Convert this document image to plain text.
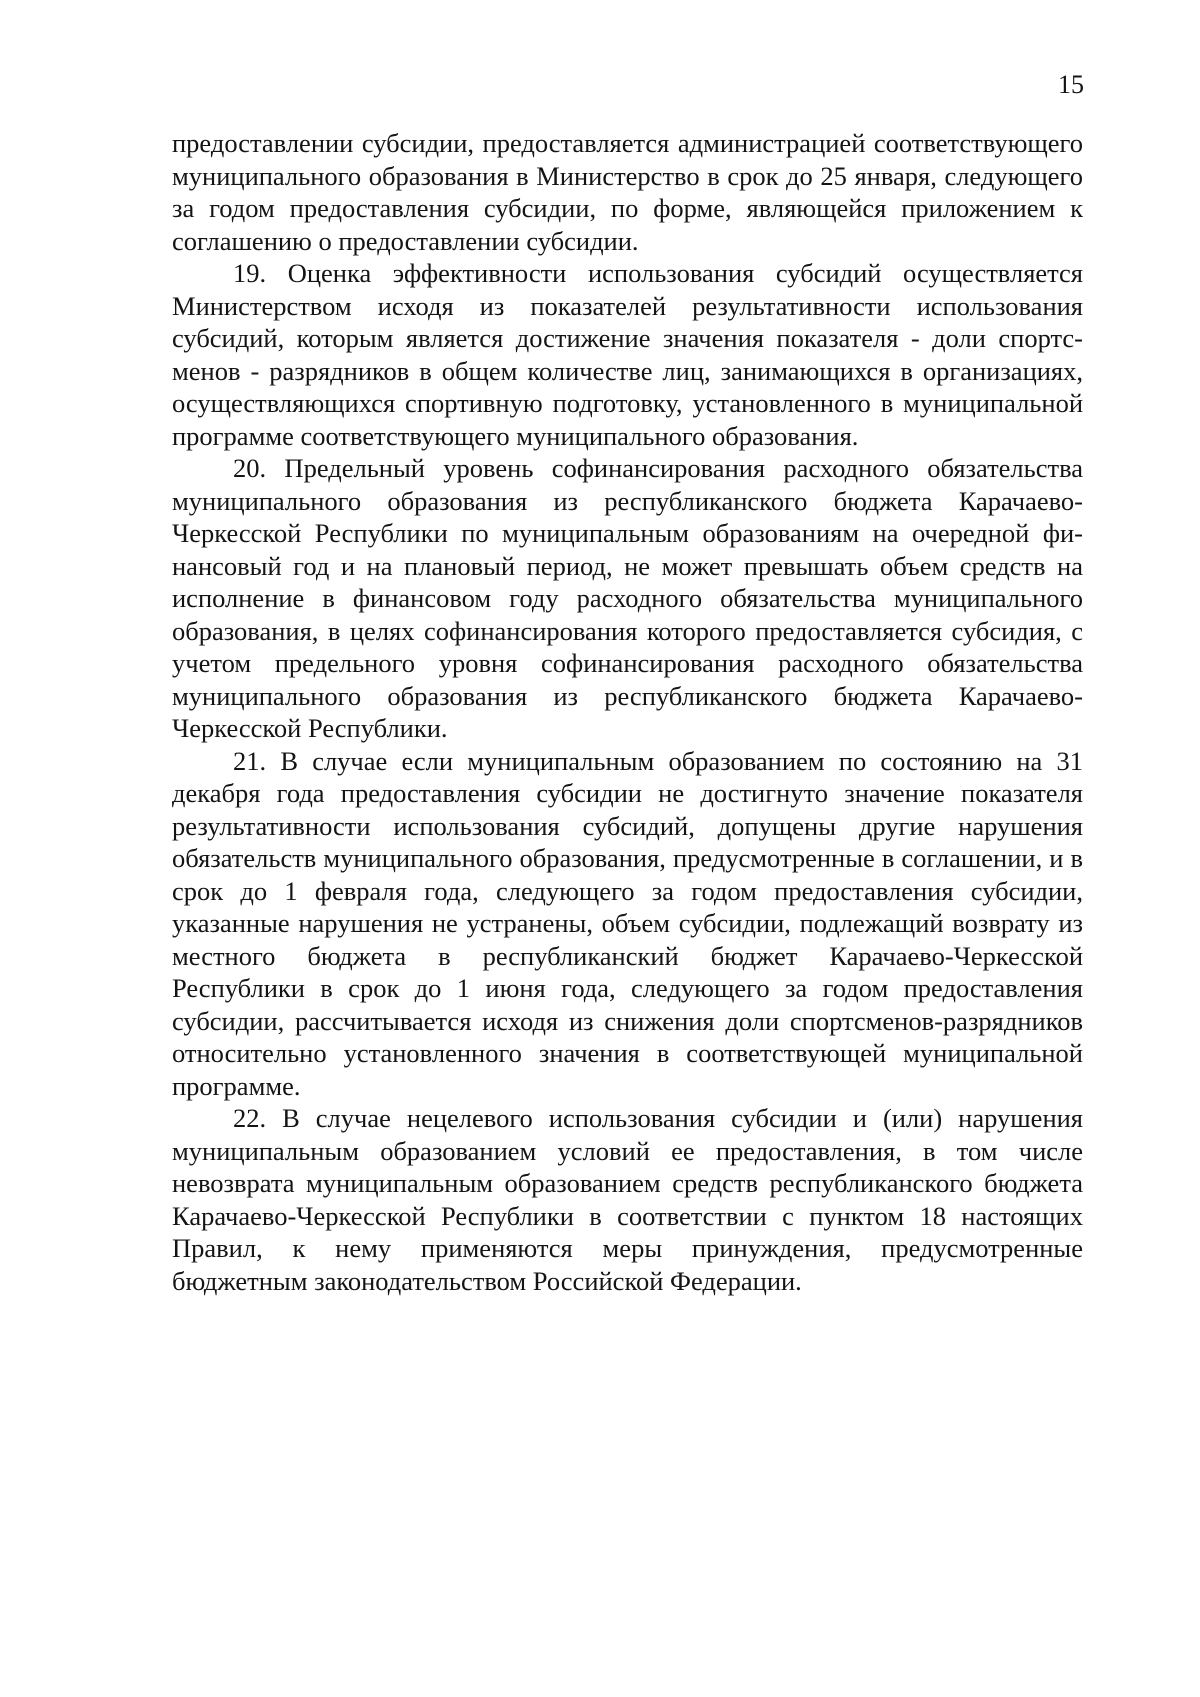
15

предоставлении субсидии, предоставляется администрацией соответствующего муниципального образования в Министерство в срок до 25 января, следующего за годом предоставления субсидии, по форме, являющейся приложением к соглашению о предоставлении субсидии.

19. Оценка эффективности использования субсидий осуществляется Министерством исходя из показателей результативности использования субсидий, которым является достижение значения показателя - доли спортсменов - разрядников в общем количестве лиц, занимающихся в организациях, осуществляющихся спортивную подготовку, установленного в муниципальной программе соответствующего муниципального образования.

20. Предельный уровень софинансирования расходного обязательства муниципального образования из республиканского бюджета Карачаево-Черкесской Республики по муниципальным образованиям на очередной финансовый год и на плановый период, не может превышать объем средств на исполнение в финансовом году расходного обязательства муниципального образования, в целях софинансирования которого предоставляется субсидия, с учетом предельного уровня софинансирования расходного обязательства муниципального образования из республиканского бюджета Карачаево-Черкесской Республики.

21. В случае если муниципальным образованием по состоянию на 31 декабря года предоставления субсидии не достигнуто значение показателя результативности использования субсидий, допущены другие нарушения обязательств муниципального образования, предусмотренные в соглашении, и в срок до 1 февраля года, следующего за годом предоставления субсидии, указанные нарушения не устранены, объем субсидии, подлежащий возврату из местного бюджета в республиканский бюджет Карачаево-Черкесской Республики в срок до 1 июня года, следующего за годом предоставления субсидии, рассчитывается исходя из снижения доли спортсменов-разрядников относительно установленного значения в соответствующей муниципальной программе.

22. В случае нецелевого использования субсидии и (или) нарушения муниципальным образованием условий ее предоставления, в том числе невозврата муниципальным образованием средств республиканского бюджета Карачаево-Черкесской Республики в соответствии с пунктом 18 настоящих Правил, к нему применяются меры принуждения, предусмотренные бюджетным законодательством Российской Федерации.
